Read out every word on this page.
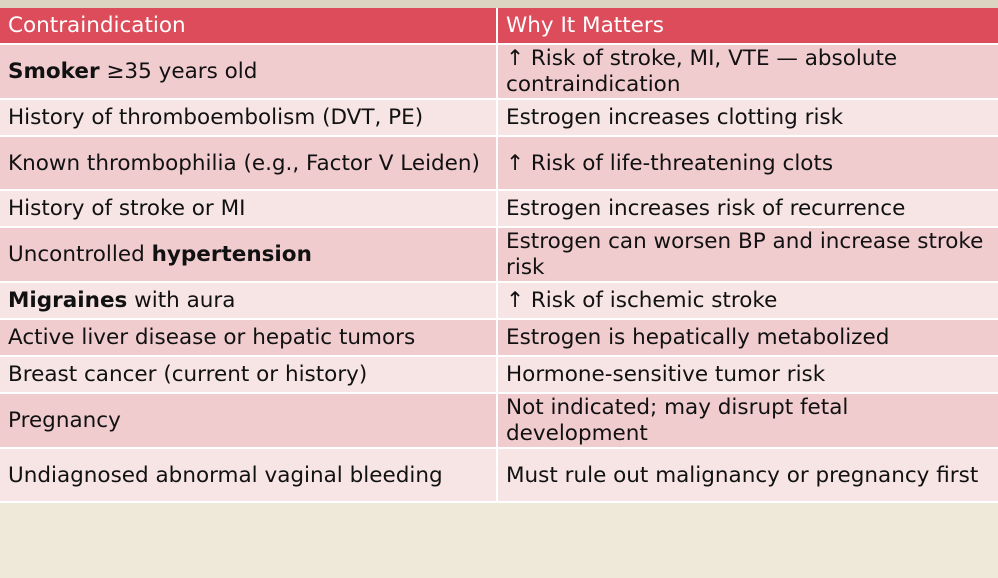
Contraindication	Why It Matters
Smoker ≥35 years old	↑ Risk of stroke, MI, VTE — absolute contraindication
History of thromboembolism (DVT, PE)	Estrogen increases clotting risk
Known thrombophilia (e.g., Factor V Leiden)	↑ Risk of life-threatening clots
History of stroke or MI	Estrogen increases risk of recurrence
Uncontrolled hypertension	Estrogen can worsen BP and increase stroke risk
Migraines with aura	↑ Risk of ischemic stroke
Active liver disease or hepatic tumors	Estrogen is hepatically metabolized
Breast cancer (current or history)	Hormone-sensitive tumor risk
Pregnancy	Not indicated; may disrupt fetal development
Undiagnosed abnormal vaginal bleeding	Must rule out malignancy or pregnancy first
